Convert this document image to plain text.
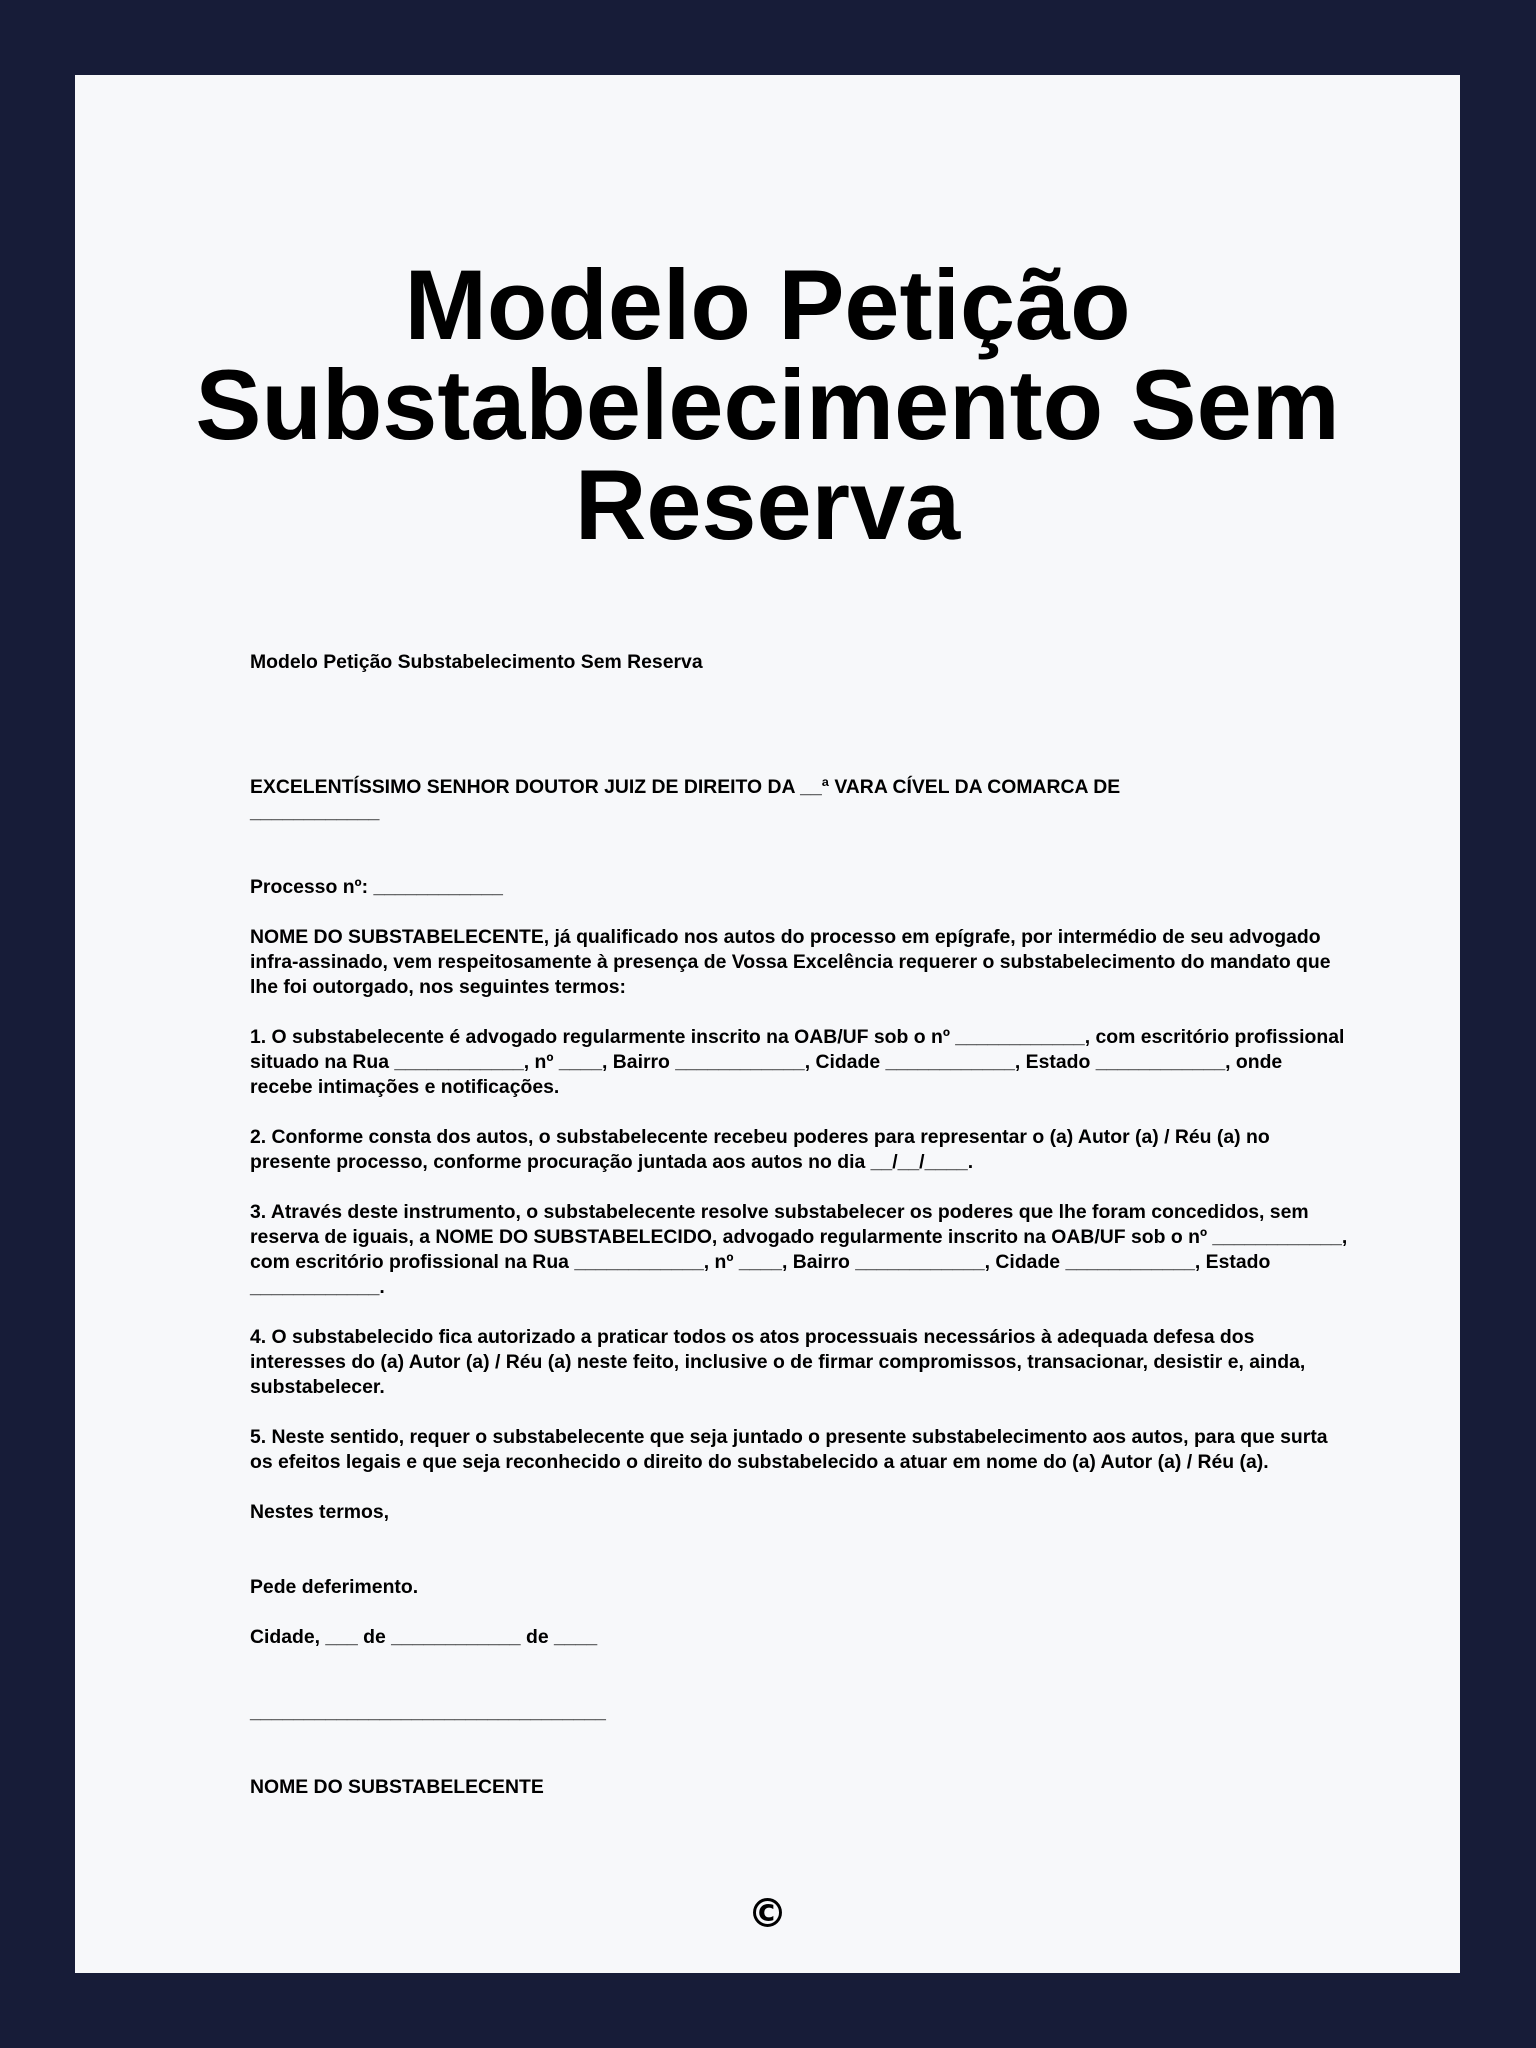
Modelo Petição Substabelecimento Sem Reserva

Modelo Petição Substabelecimento Sem Reserva

EXCELENTÍSSIMO SENHOR DOUTOR JUIZ DE DIREITO DA __ª VARA CÍVEL DA COMARCA DE
____________

Processo nº: ____________

NOME DO SUBSTABELECENTE, já qualificado nos autos do processo em epígrafe, por intermédio de seu advogado infra-assinado, vem respeitosamente à presença de Vossa Excelência requerer o substabelecimento do mandato que lhe foi outorgado, nos seguintes termos:

1. O substabelecente é advogado regularmente inscrito na OAB/UF sob o nº ____________, com escritório profissional situado na Rua ____________, nº ____, Bairro ____________, Cidade ____________, Estado ____________, onde recebe intimações e notificações.

2. Conforme consta dos autos, o substabelecente recebeu poderes para representar o (a) Autor (a) / Réu (a) no presente processo, conforme procuração juntada aos autos no dia __/__/____.

3. Através deste instrumento, o substabelecente resolve substabelecer os poderes que lhe foram concedidos, sem reserva de iguais, a NOME DO SUBSTABELECIDO, advogado regularmente inscrito na OAB/UF sob o nº ____________, com escritório profissional na Rua ____________, nº ____, Bairro ____________, Cidade ____________, Estado ____________.

4. O substabelecido fica autorizado a praticar todos os atos processuais necessários à adequada defesa dos interesses do (a) Autor (a) / Réu (a) neste feito, inclusive o de firmar compromissos, transacionar, desistir e, ainda, substabelecer.

5. Neste sentido, requer o substabelecente que seja juntado o presente substabelecimento aos autos, para que surta os efeitos legais e que seja reconhecido o direito do substabelecido a atuar em nome do (a) Autor (a) / Réu (a).

Nestes termos,

Pede deferimento.

Cidade, ___ de ____________ de ____

_________________________________

NOME DO SUBSTABELECENTE

©
